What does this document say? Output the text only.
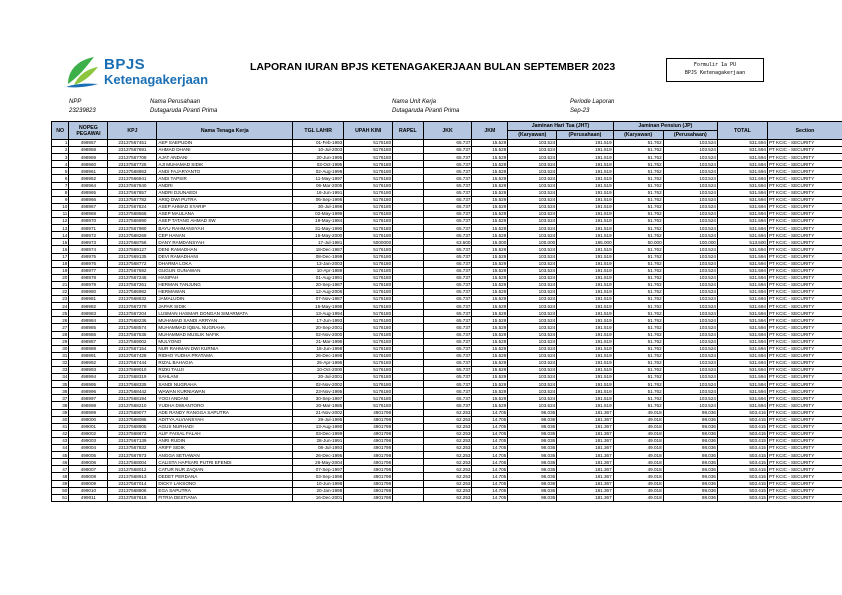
BPJS
Ketenagakerjaan
LAPORAN IURAN BPJS KETENAGAKERJAAN BULAN SEPTEMBER 2023	Formulir 1a PU
BPJS Ketenagakerjaan
NPP
23239823
Nama Perusahaan
Dutagaruda Piranti Prima
Nama Unit Kerja
Dutagaruda Piranti Prima
Periode Laporan
Sep-23
NO	NOPEG PEGAWAI	KPJ	Nama Tenaga Kerja	TGL LAHIR	UPAH KINI	RAPEL	JKK	JKM	Jaminan Hari Tua (JHT)		Jaminan Pensiun (JP)		TOTAL	Section
									(Karyawan)	(Perusahaan)	(Karyawan)	(Perusahaan)		
1	498957	23137567451	AEP SAEPUDIN	01-Feb-1993	5176180		65.737	15.529	103.524	191.519	51.762	103.524	531.594	PT KCIC - SECURITY
2	498958	23137567691	AHMAD DHANI	10-Jul-2003	5176180		65.737	15.529	103.524	191.519	51.762	103.524	531.594	PT KCIC - SECURITY
3	498959	23137567709	AJAT ANDANI	20-Jun-1995	5176180		65.737	15.529	103.524	191.519	51.762	103.524	531.594	PT KCIC - SECURITY
4	498960	23137567725	AJI MUHAMAD SIDIK	03-Oct-1995	5176180		65.737	15.529	103.524	191.519	51.762	103.524	531.594	PT KCIC - SECURITY
5	498961	23137568863	ANDI FAJARYANTO	02-Aug-1999	5176180		65.737	15.529	103.524	191.519	51.762	103.524	531.594	PT KCIC - SECURITY
6	498962	23137566941	ANDI TAPSIR	11-May-1997	5176180		65.737	15.529	103.524	191.519	51.762	103.524	531.594	PT KCIC - SECURITY
7	498964	23137567840	ANDRI	06-Mar-2005	5176180		65.737	15.529	103.524	191.519	51.762	103.524	531.594	PT KCIC - SECURITY
8	498965	23137567857	ANDRI DJUNAEDI	16-Jun-1991	5176180		65.737	15.529	103.524	191.519	51.762	103.524	531.594	PT KCIC - SECURITY
9	498966	23137567782	ARIQ DWI PUTRA	06-Sep-1995	5176180		65.737	15.529	103.524	191.519	51.762	103.524	531.594	PT KCIC - SECURITY
10	498967	23137567824	ASEP AHMAD SYARIP	30-Jul-1996	5176180		65.737	15.529	103.524	191.519	51.762	103.524	531.594	PT KCIC - SECURITY
11	498968	23137568566	ASEP MAULANA	02-May-1999	5176180		65.737	15.529	103.524	191.519	51.762	103.524	531.594	PT KCIC - SECURITY
12	498970	23137566990	ASEP TATANG AHMAD SW	19-May-1984	5176180		65.737	15.529	103.524	191.519	51.762	103.524	531.594	PT KCIC - SECURITY
13	498971	23137567980	BAYU RAHMANSYAH	31-May-1990	5176180		65.737	15.529	103.524	191.519	51.762	103.524	531.594	PT KCIC - SECURITY
14	498972	23137568269	CEP HANAN	15-May-2000	5176180		65.737	15.529	103.524	191.519	51.762	103.524	531.594	PT KCIC - SECURITY
15	498973	23137568756	DANY RAMDANSYAH	17-Jul-1981	5000000		63.500	15.000	100.000	185.000	50.000	100.000	513.500	PT KCIC - SECURITY
16	498974	23137569127	DENI RAMADHAN	18-Dec-1987	5176180		65.737	15.529	103.524	191.519	51.762	103.524	531.594	PT KCIC - SECURITY
17	498975	23137569135	DEVI RAMADHANI	08-Dec-1999	5176180		65.737	15.529	103.524	191.519	51.762	103.524	531.594	PT KCIC - SECURITY
18	498976	23137568772	DHARMA LOKA	13-Jan-2003	5176180		65.737	15.529	103.524	191.519	51.762	103.524	531.594	PT KCIC - SECURITY
19	498977	23137567592	GUGUN GUNAWAN	10-Apr-1989	5176180		65.737	15.529	103.524	191.519	51.762	103.524	531.594	PT KCIC - SECURITY
20	498978	23137567246	HASIPAH	01-Aug-1991	5176180		65.737	15.529	103.524	191.519	51.762	103.524	531.594	PT KCIC - SECURITY
21	498979	23137567261	HERMAN TANJUNG	20-Sep-1987	5176180		65.737	15.529	103.524	191.519	51.762	103.524	531.594	PT KCIC - SECURITY
22	498980	23137566982	HERMAWAN	12-Aug-2006	5176180		65.737	15.529	103.524	191.519	51.762	103.524	531.594	PT KCIC - SECURITY
23	498981	23137568632	JAMALUDIN	07-Nov-1987	5176180		65.737	15.529	103.524	191.519	51.762	103.524	531.594	PT KCIC - SECURITY
24	498982	23137567279	JAPAR SIDIK	15-May-1998	5176180		65.737	15.529	103.524	191.519	51.762	103.524	531.594	PT KCIC - SECURITY
25	498983	23137567204	LUSMAN HASMAR DONGAN SIMARMATA	13-Aug-1994	5176180		65.737	15.529	103.524	191.519	51.762	103.524	531.594	PT KCIC - SECURITY
26	498984	23137568236	MUHAMAD SANDI ARRYAN	17-Jun-1993	5176180		65.737	15.529	103.524	191.519	51.762	103.524	531.594	PT KCIC - SECURITY
27	498985	23137568574	MUHAMMAD IQBAL NUGRAHA	20-Sep-2001	5176180		65.737	15.529	103.524	191.519	51.762	103.524	531.594	PT KCIC - SECURITY
28	498986	23137567535	MUHAMMAD MUSLIK NAFIK	02-Nov-2000	5176180		65.737	15.529	103.524	191.519	51.762	103.524	531.594	PT KCIC - SECURITY
29	498987	23137569002	MULYONO	21-Mar-1998	5176180		65.737	15.529	103.524	191.519	51.762	103.524	531.594	PT KCIC - SECURITY
30	498988	23137567154	NUR RAHMAN DWI KURNIA	18-Jun-1998	5176180		65.737	15.529	103.524	191.519	51.762	103.524	531.594	PT KCIC - SECURITY
31	498991	23137567428	RIDHO YUDHA PRATAMA	26-Dec-1998	5176180		65.737	15.529	103.524	191.519	51.762	103.524	531.594	PT KCIC - SECURITY
32	498992	23137567444	RIZAL BAHAGIA	25-Apr-1996	5176180		65.737	15.529	103.524	191.519	51.762	103.524	531.594	PT KCIC - SECURITY
33	498993	23137569010	RIZKI TAUJI	10-Oct-2000	5176180		65.737	15.529	103.524	191.519	51.762	103.524	531.594	PT KCIC - SECURITY
34	498994	23137568319	SAHLANI	20-Jul-2001	5176180		65.737	15.529	103.524	191.519	51.762	103.524	531.594	PT KCIC - SECURITY
35	498995	23137568335	SANDI NUGRAHA	02-Nov-2002	5176180		65.737	15.529	103.524	191.519	51.762	103.524	531.594	PT KCIC - SECURITY
36	498996	23137568442	WAWAN KURNIAWAN	23-Nov-1995	5176180		65.737	15.529	103.524	191.519	51.762	103.524	531.594	PT KCIC - SECURITY
37	498997	23137568194	YOGI ANDANI	30-Sep-1997	5176180		65.737	15.529	103.524	191.519	51.762	103.524	531.594	PT KCIC - SECURITY
38	498998	23137568210	YUDHA DWIANTORO	20-Mar-1985	5176180		65.737	15.529	103.524	191.519	51.762	103.524	531.594	PT KCIC - SECURITY
39	498999	23137569077	ADE RANDY RANGGA SAPUTRA	21-Nov-2002	4901798		62.253	14.705	98.036	181.367	49.018	98.036	503.415	PT KCIC - SECURITY
40	499000	23137568085	ADITYA ALVIANSYAH	29-Jul-1995	4901798		62.253	14.705	98.036	181.367	49.018	98.036	503.415	PT KCIC - SECURITY
41	499001	23137568905	AGUS NURHADI	13-Aug-1990	4901798		62.253	14.705	98.036	181.367	49.018	98.036	503.415	PT KCIC - SECURITY
42	499002	23137568673	ALIF FAISAL FALAH	03-Dec-1999	4901798		62.253	14.705	98.036	181.367	49.018	98.036	503.415	PT KCIC - SECURITY
43	499003	23137567139	ANRI RUDIN	28-Jun-1991	4901798		62.253	14.705	98.036	181.367	49.018	98.036	503.415	PT KCIC - SECURITY
44	499004	23137567832	ARIFF SIDIK	08-Jul-1993	4901798		62.253	14.705	98.036	181.367	49.018	98.036	503.415	PT KCIC - SECURITY
45	499005	23137567873	ANGGA SETIAWAN	26-Dec-1995	4901798		62.253	14.705	98.036	181.367	49.018	98.036	503.415	PT KCIC - SECURITY
46	499006	23137568004	CALISTA HAPSARI PUTRI EFENDI	26-May-2004	4901798		62.253	14.705	98.036	181.367	49.018	98.036	503.415	PT KCIC - SECURITY
47	499007	23137568012	CATUR NUR ZAQIAN	07-Sep-1997	4901798		62.253	14.705	98.036	181.367	49.018	98.036	503.415	PT KCIC - SECURITY
48	499008	23137568913	DEDET PERDANA	03-Sep-1996	4901798		62.253	14.705	98.036	181.367	49.018	98.036	503.415	PT KCIC - SECURITY
49	499009	23137567014	DICKY LAKSONO	10-Jun-1998	4901798		62.253	14.705	98.036	181.367	49.018	98.036	503.415	PT KCIC - SECURITY
50	499010	23137568806	EGA SAPUTRA	20-Jan-1998	4901798		62.253	14.705	98.036	181.367	49.018	98.036	503.415	PT KCIC - SECURITY
51	499011	23137567618	FITRIA DESTIANA	16-Dec-2001	4901798		62.253	14.705	98.036	181.367	49.018	98.036	503.415	PT KCIC - SECURITY
